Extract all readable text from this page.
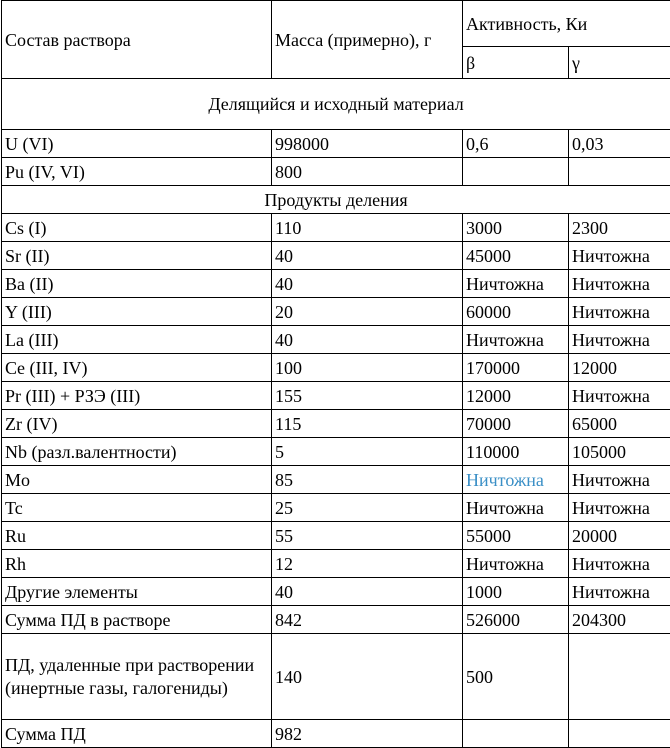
Состав раствора	Масса (примерно), г	Активность, Ки	
		β	γ
Делящийся и исходный материал			
U (VI)	998000	0,6	0,03
Pu (IV, VI)	800		
Продукты деления			
Cs (I)	110	3000	2300
Sr (II)	40	45000	Ничтожна
Ba (II)	40	Ничтожна	Ничтожна
Y (III)	20	60000	Ничтожна
La (III)	40	Ничтожна	Ничтожна
Ce (III, IV)	100	170000	12000
Pr (III) + РЗЭ (III)	155	12000	Ничтожна
Zr (IV)	115	70000	65000
Nb (разл.валентности)	5	110000	105000
Mo	85	Ничтожна	Ничтожна
Tc	25	Ничтожна	Ничтожна
Ru	55	55000	20000
Rh	12	Ничтожна	Ничтожна
Другие элементы	40	1000	Ничтожна
Сумма ПД в растворе	842	526000	204300
ПД, удаленные при растворении (инертные газы, галогениды)	140	500	
Сумма ПД	982		
